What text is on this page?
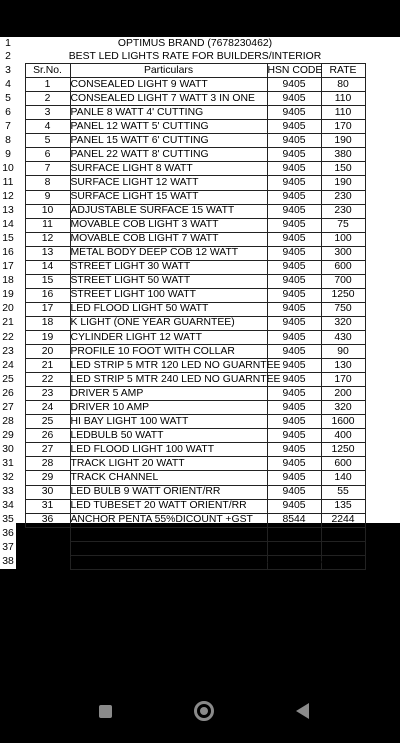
1		OPTIMUS BRAND (7678230462)				
2		BEST LED LIGHTS RATE FOR BUILDERS/INTERIOR				
3		Sr.No.	Particulars	HSN CODE	RATE	
4		1	CONSEALED LIGHT 9 WATT	9405	80	
5		2	CONSEALED LIGHT 7 WATT 3 IN ONE	9405	110	
6		3	PANLE 8 WATT 4' CUTTING	9405	110	
7		4	PANEL 12 WATT 5' CUTTING	9405	170	
8		5	PANEL 15 WATT 6' CUTTING	9405	190	
9		6	PANEL 22 WATT 8' CUTTING	9405	380	
10		7	SURFACE LIGHT 8 WATT	9405	150	
11		8	SURFACE LIGHT 12 WATT	9405	190	
12		9	SURFACE LIGHT 15 WATT	9405	230	
13		10	ADJUSTABLE SURFACE 15 WATT	9405	230	
14		11	MOVABLE COB LIGHT 3 WATT	9405	75	
15		12	MOVABLE COB LIGHT 7 WATT	9405	100	
16		13	METAL BODY DEEP COB 12 WATT	9405	300	
17		14	STREET LIGHT 30 WATT	9405	600	
18		15	STREET LIGHT 50 WATT	9405	700	
19		16	STREET LIGHT 100 WATT	9405	1250	
20		17	LED FLOOD LIGHT 50 WATT	9405	750	
21		18	K LIGHT (ONE YEAR GUARNTEE)	9405	320	
22		19	CYLINDER LIGHT 12 WATT	9405	430	
23		20	PROFILE 10 FOOT WITH COLLAR	9405	90	
24		21	LED STRIP 5 MTR 120 LED NO GUARNTEE	9405	130	
25		22	LED STRIP 5 MTR 240 LED NO GUARNTEE	9405	170	
26		23	DRIVER 5 AMP	9405	200	
27		24	DRIVER 10 AMP	9405	320	
28		25	HI BAY LIGHT 100 WATT	9405	1600	
29		26	LEDBULB 50 WATT	9405	400	
30		27	LED FLOOD LIGHT 100 WATT	9405	1250	
31		28	TRACK LIGHT 20 WATT	9405	600	
32		29	TRACK CHANNEL	9405	140	
33		30	LED BULB 9 WATT ORIENT/RR	9405	55	
34		31	LED TUBESET 20 WATT ORIENT/RR	9405	135	
35		36	ANCHOR PENTA 55%DICOUNT +GST	8544	2244	
36			FAN ALSO AVAIBLE			
37			MCB GREATWHIE 6-32 AMP		90	
38			TWO YEARS FULL GUARNTEE OF MCB JALNE KI BHI			
